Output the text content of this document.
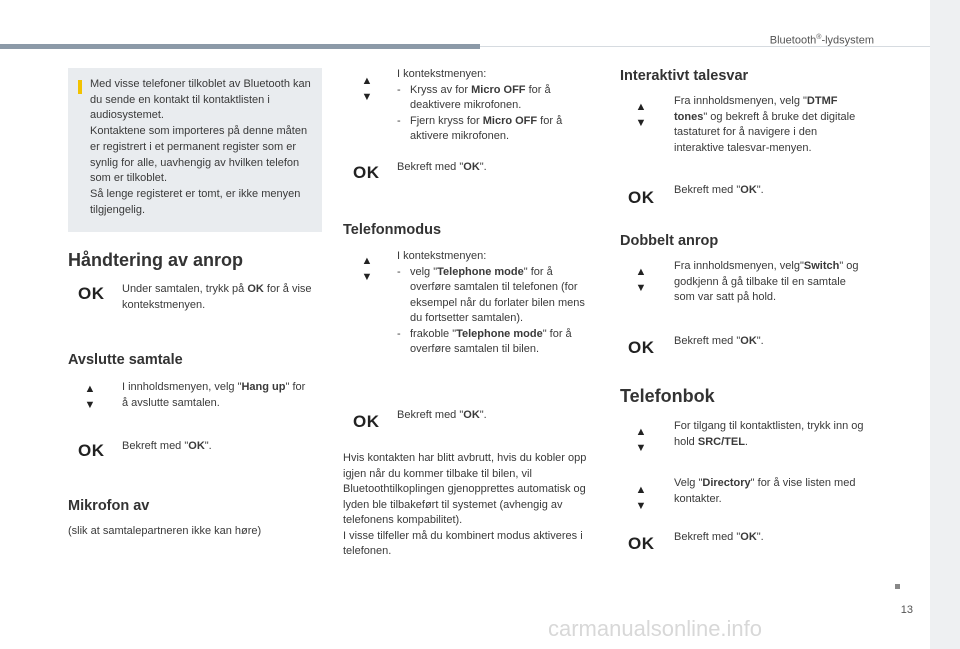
Bluetooth®-lydsystem

Med visse telefoner tilkoblet av Bluetooth kan du sende en kontakt til kontaktlisten i audiosystemet.

Kontaktene som importeres på denne måten er registrert i et permanent register som er synlig for alle, uavhengig av hvilken telefon som er tilkoblet.

Så lenge registeret er tomt, er ikke menyen tilgjengelig.

Håndtering av anrop
OK Under samtalen, trykk på OK for å vise kontekstmenyen.
Avslutte samtale
▲
▼
I innholdsmenyen, velg "Hang up" for å avslutte samtalen.
OK Bekreft med "OK".
Mikrofon av
(slik at samtalepartneren ikke kan høre)
▲
▼
I kontekstmenyen:
- Kryss av for Micro OFF for å deaktivere mikrofonen.
- Fjern kryss for Micro OFF for å aktivere mikrofonen.
OK Bekreft med "OK".
Telefonmodus
▲
▼
I kontekstmenyen:
- velg "Telephone mode" for å overføre samtalen til telefonen (for eksempel når du forlater bilen mens du fortsetter samtalen).
- frakoble "Telephone mode" for å overføre samtalen til bilen.
OK Bekreft med "OK".
Hvis kontakten har blitt avbrutt, hvis du kobler opp igjen når du kommer tilbake til bilen, vil Bluetoothtilkoplingen gjenopprettes automatisk og lyden ble tilbakeført til systemet (avhengig av telefonens kompabilitet).
I visse tilfeller må du kombinert modus aktiveres i telefonen.
Interaktivt talesvar
▲
▼
Fra innholdsmenyen, velg "DTMF tones" og bekreft å bruke det digitale tastaturet for å navigere i den interaktive talesvar-menyen.
OK Bekreft med "OK".
Dobbelt anrop
▲
▼
Fra innholdsmenyen, velg"Switch" og godkjenn å gå tilbake til en samtale som var satt på hold.
OK Bekreft med "OK".
Telefonbok
▲
▼
For tilgang til kontaktlisten, trykk inn og hold SRC/TEL.
▲
▼
Velg "Directory" for å vise listen med kontakter.
OK Bekreft med "OK".
13
carmanualsonline.info
